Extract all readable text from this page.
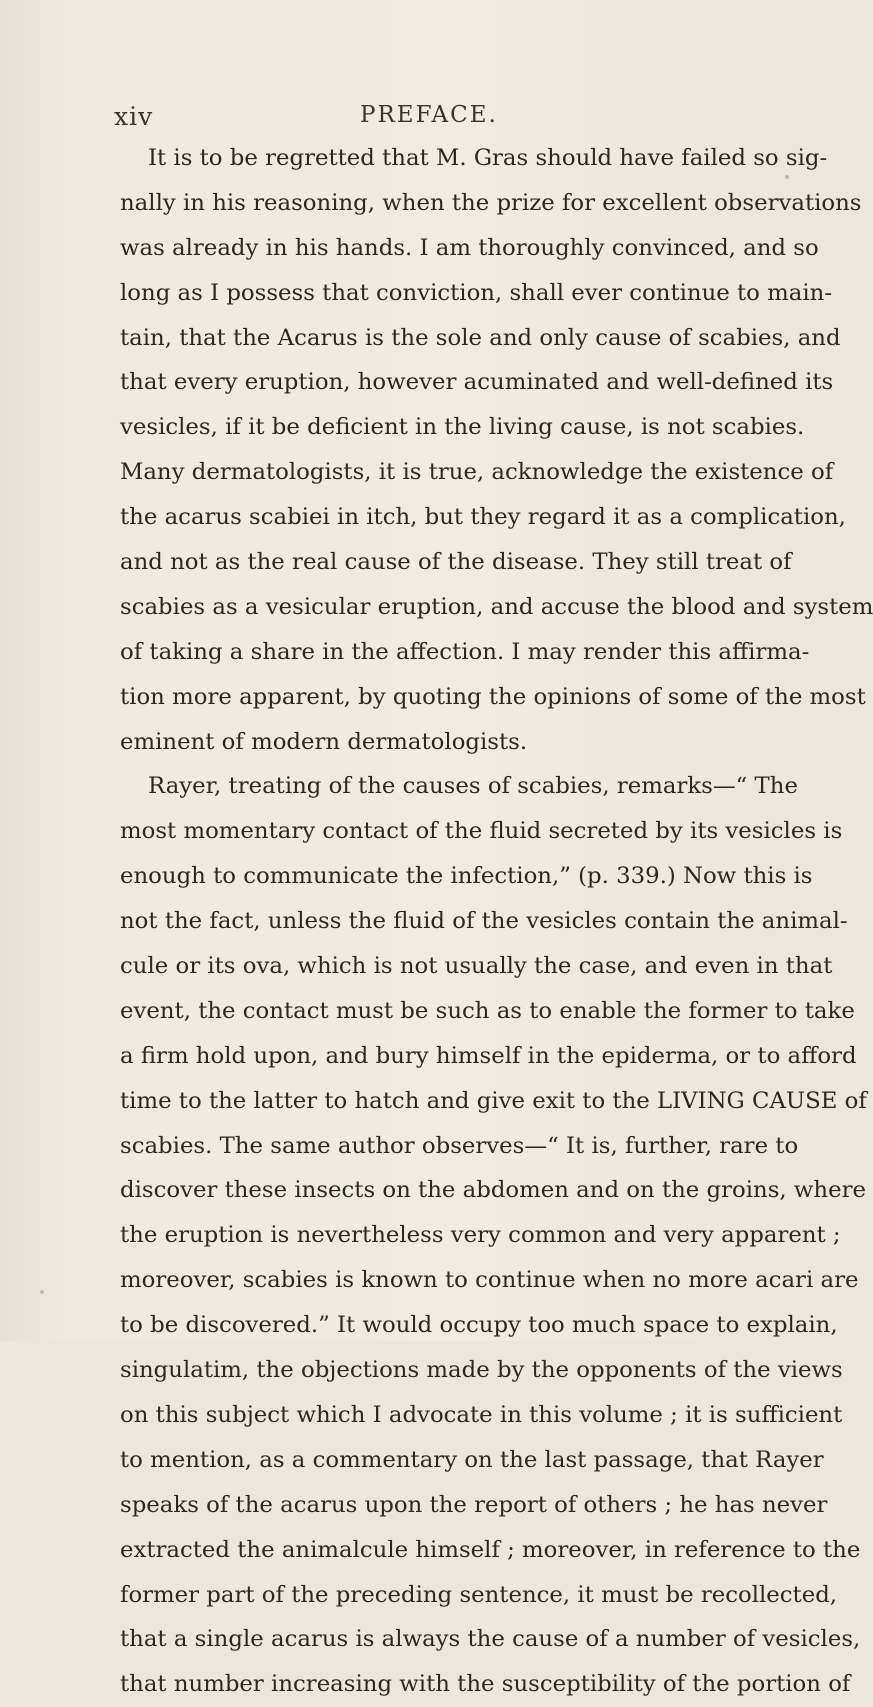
xiv	PREFACE.
It is to be regretted that M. Gras should have failed so sig-
nally in his reasoning, when the prize for excellent observations
was already in his hands. I am thoroughly convinced, and so
long as I possess that conviction, shall ever continue to main-
tain, that the Acarus is the sole and only cause of scabies, and
that every eruption, however acuminated and well-defined its
vesicles, if it be deficient in the living cause, is not scabies.
Many dermatologists, it is true, acknowledge the existence of
the acarus scabiei in itch, but they regard it as a complication,
and not as the real cause of the disease. They still treat of
scabies as a vesicular eruption, and accuse the blood and system
of taking a share in the affection. I may render this affirma-
tion more apparent, by quoting the opinions of some of the most
eminent of modern dermatologists.
Rayer, treating of the causes of scabies, remarks—“ The
most momentary contact of the fluid secreted by its vesicles is
enough to communicate the infection,” (p. 339.) Now this is
not the fact, unless the fluid of the vesicles contain the animal-
cule or its ova, which is not usually the case, and even in that
event, the contact must be such as to enable the former to take
a firm hold upon, and bury himself in the epiderma, or to afford
time to the latter to hatch and give exit to the LIVING CAUSE of
scabies. The same author observes—“ It is, further, rare to
discover these insects on the abdomen and on the groins, where
the eruption is nevertheless very common and very apparent ;
moreover, scabies is known to continue when no more acari are
to be discovered.” It would occupy too much space to explain,
singulatim, the objections made by the opponents of the views
on this subject which I advocate in this volume ; it is sufficient
to mention, as a commentary on the last passage, that Rayer
speaks of the acarus upon the report of others ; he has never
extracted the animalcule himself ; moreover, in reference to the
former part of the preceding sentence, it must be recollected,
that a single acarus is always the cause of a number of vesicles,
that number increasing with the susceptibility of the portion of
